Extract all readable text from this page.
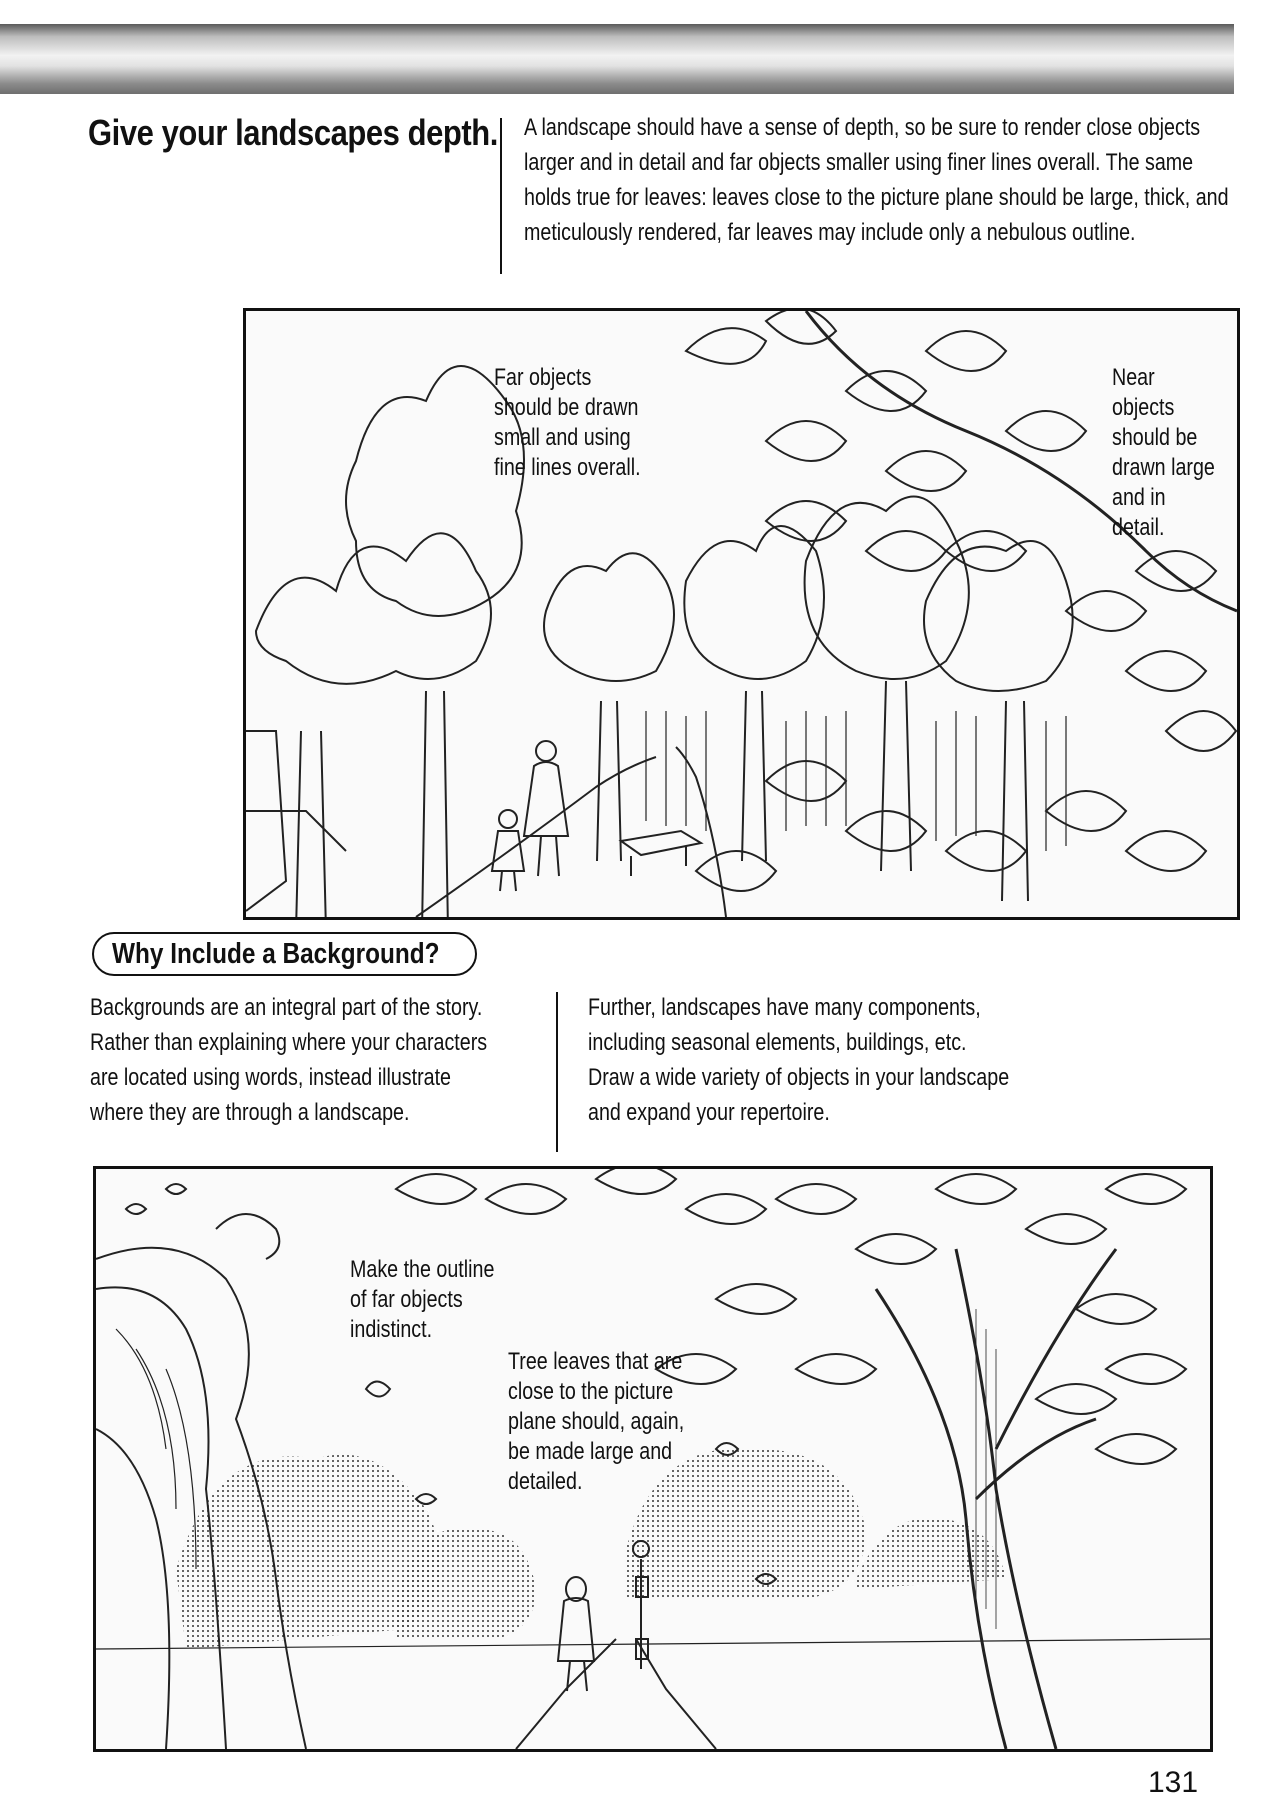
Give your landscapes depth. A landscape should have a sense of depth, so be sure to render close objects larger and in detail and far objects smaller using finer lines overall. The same holds true for leaves: leaves close to the picture plane should be large, thick, and meticulously rendered, far leaves may include only a nebulous outline.

Far objects
should be drawn
small and using
fine lines overall.

Near
objects
should be
drawn large
and in
detail.

Why Include a Background?

Backgrounds are an integral part of the story. Rather than explaining where your characters are located using words, instead illustrate where they are through a landscape.

Further, landscapes have many components, including seasonal elements, buildings, etc. Draw a wide variety of objects in your landscape and expand your repertoire.

Make the outline
of far objects
indistinct.

Tree leaves that are
close to the picture
plane should, again,
be made large and
detailed.

131
